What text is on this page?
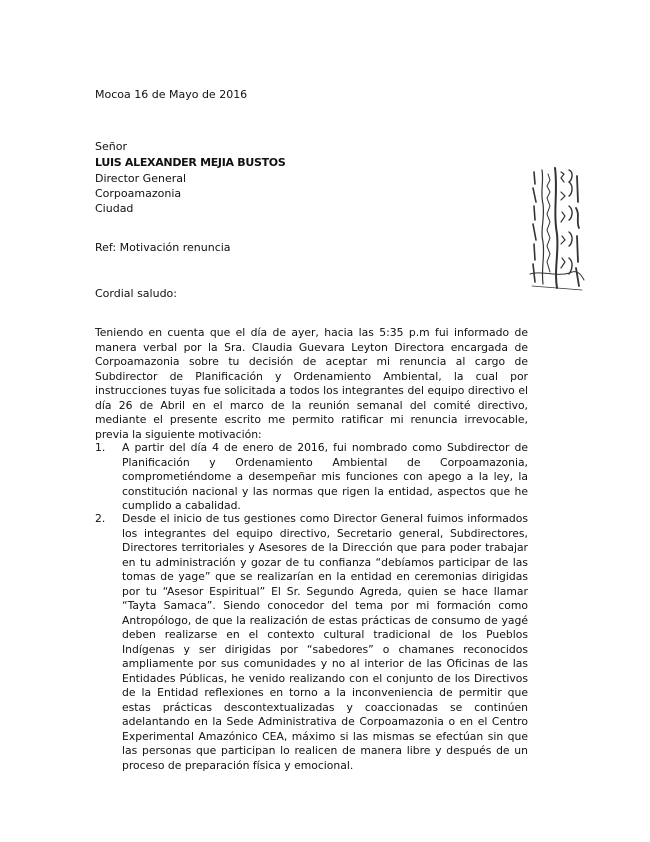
Mocoa 16 de Mayo de 2016
Señor
LUIS ALEXANDER MEJIA BUSTOS
Director General
Corpoamazonia
Ciudad
Ref: Motivación renuncia
Cordial saludo:
Teniendo en cuenta que el día de ayer, hacia las 5:35 p.m fui informado de manera verbal por la Sra. Claudia Guevara Leyton Directora encargada de Corpoamazonia sobre tu decisión de aceptar mi renuncia al cargo de Subdirector de Planificación y Ordenamiento Ambiental, la cual por instrucciones tuyas fue solicitada a todos los integrantes del equipo directivo el día 26 de Abril en el marco de la reunión semanal del comité directivo, mediante el presente escrito me permito ratificar mi renuncia irrevocable, previa la siguiente motivación:
1. A partir del día 4 de enero de 2016, fui nombrado como Subdirector de Planificación y Ordenamiento Ambiental de Corpoamazonia, comprometiéndome a desempeñar mis funciones con apego a la ley, la constitución nacional y las normas que rigen la entidad, aspectos que he cumplido a cabalidad.
2. Desde el inicio de tus gestiones como Director General fuimos informados los integrantes del equipo directivo, Secretario general, Subdirectores, Directores territoriales y Asesores de la Dirección que para poder trabajar en tu administración y gozar de tu confianza “debíamos participar de las tomas de yage” que se realizarían en la entidad en ceremonias dirigidas por tu “Asesor Espiritual” El Sr. Segundo Agreda, quien se hace llamar “Tayta Samaca”. Siendo conocedor del tema por mi formación como Antropólogo, de que la realización de estas prácticas de consumo de yagé deben realizarse en el contexto cultural tradicional de los Pueblos Indígenas y ser dirigidas por “sabedores” o chamanes reconocidos ampliamente por sus comunidades y no al interior de las Oficinas de las Entidades Públicas, he venido realizando con el conjunto de los Directivos de la Entidad reflexiones en torno a la inconveniencia de permitir que estas prácticas descontextualizadas y coaccionadas se continúen adelantando en la Sede Administrativa de Corpoamazonia o en el Centro Experimental Amazónico CEA, máximo si las mismas se efectúan sin que las personas que participan lo realicen de manera libre y después de un proceso de preparación física y emocional.
